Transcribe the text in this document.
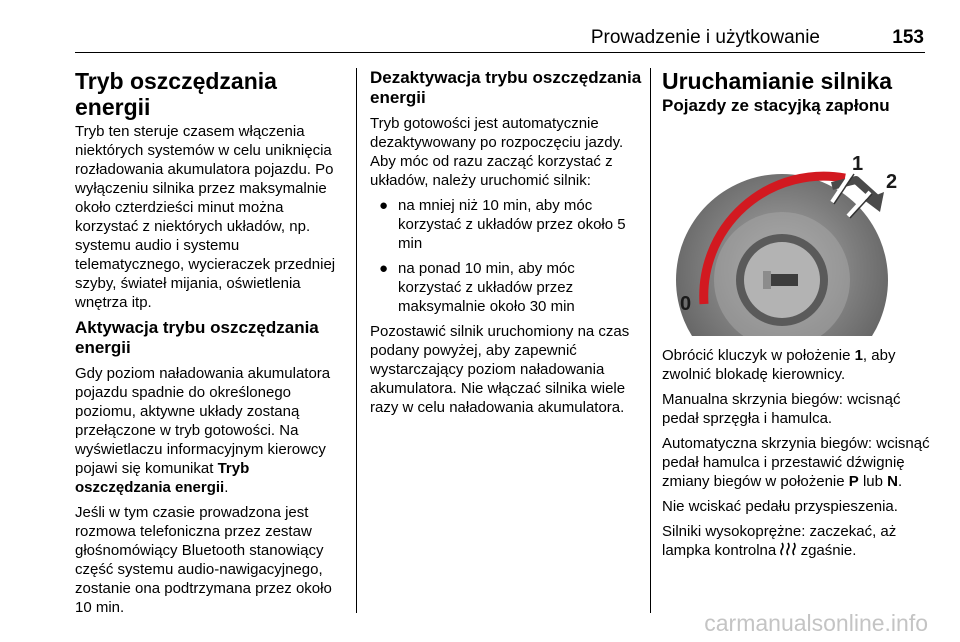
Prowadzenie i użytkowanie	153
Tryb oszczędzania energii

Tryb ten steruje czasem włączenia niektórych systemów w celu uniknięcia rozładowania akumulatora pojazdu. Po wyłączeniu silnika przez maksymalnie około czterdzieści minut można korzystać z niektórych układów, np. systemu audio i systemu telematycznego, wycieraczek przedniej szyby, świateł mijania, oświetlenia wnętrza itp.

Aktywacja trybu oszczędzania energii

Gdy poziom naładowania akumulatora pojazdu spadnie do określonego poziomu, aktywne układy zostaną przełączone w tryb gotowości. Na wyświetlaczu informacyjnym kierowcy pojawi się komunikat Tryb oszczędzania energii.

Jeśli w tym czasie prowadzona jest rozmowa telefoniczna przez zestaw głośnomówiący Bluetooth stanowiący część systemu audio-nawigacyjnego, zostanie ona podtrzymana przez około 10 min.

Dezaktywacja trybu oszczędzania energii

Tryb gotowości jest automatycznie dezaktywowany po rozpoczęciu jazdy. Aby móc od razu zacząć korzystać z układów, należy uruchomić silnik:

● na mniej niż 10 min, aby móc korzystać z układów przez około 5 min
● na ponad 10 min, aby móc korzystać z układów przez maksymalnie około 30 min

Pozostawić silnik uruchomiony na czas podany powyżej, aby zapewnić wystarczający poziom naładowania akumulatora. Nie włączać silnika wiele razy w celu naładowania akumulatora.

Uruchamianie silnika
Pojazdy ze stacyjką zapłonu
0
1
2

Obrócić kluczyk w położenie 1, aby zwolnić blokadę kierownicy.

Manualna skrzynia biegów: wcisnąć pedał sprzęgła i hamulca.

Automatyczna skrzynia biegów: wcisnąć pedał hamulca i przestawić dźwignię zmiany biegów w położenie P lub N.

Nie wciskać pedału przyspieszenia.

Silniki wysokoprężne: zaczekać, aż lampka kontrolna  zgaśnie.

carmanualsonline.info
